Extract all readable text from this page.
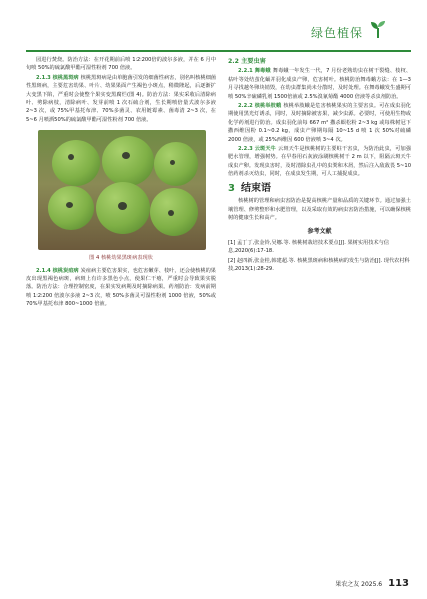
绿色植保

园进行焚烧。防治方法：在开花期前后喷 1∶2∶200倍的波尔多液，并在 6 月中旬喷 50%的硫氯酸甲酯可湿性粉剂 700 倍液。

2.1.3 核桃黑斑病 核桃黑斑病是由单胞菌引发的细菌性病害，别名叫核桃细菌性黑斑病，主要危害幼果、叶片、幼果果面产生褐色小斑点，稍微隆起，后逐渐扩大变黑下陷，严重时会使整个果实变黑腐烂(图 4)。防治方法：果实采收后清除病叶、剪除病枝，清除病叶、发芽前喷 1 次石硫合剂，生长期喷倍量式波尔多液 2~3 次，或 75%甲基托布津、70%多菌灵、农用链霉素、菌毒清 2~3 次，在 5~6 月喷洒50%的硫氯酸甲酯可湿性粉剂 700 倍液。

图 4 核桃幼果黑斑病表现状

2.1.4 核桃炭疽病 炭疽病主要危害果实，也危害嫩芽、枝叶，还会使核桃的果皮出现黑褐色病斑，病斑上有许多黑色小点，使果仁干瘪，严重时会导致果实脱落。防治方法：合理控制密度，在果实发病期及时摘除病果。药剂防治：发病前期喷 1∶2∶200 倍波尔多液 2~3 次，喷 50%多菌灵可湿性粉剂 1000 倍液，50%或 70%甲基托布津 800~1000 倍液。

2.2 主要虫害

2.2.1 舞毒蛾 舞毒蛾一年发生一代，7 月份老熟幼虫在树干裂缝、枝杈、枯叶等处结茧化蛹并羽化成虫产卵，危害树叶。核桃防治舞毒蛾方法：在 1—3 月寻找越冬卵块销毁，在幼虫群集尚未分散时，及时处理。在舞毒蛾发生盛期可喷 50%辛硫磷乳剂 1500倍液或 2.5%溴氰菊酯 4000 倍液等杀虫剂防治。

2.2.2 核桃举肢蛾 核桃举肢蛾是危害核桃果实的主要害虫。可在成虫羽化期使用黑光灯诱杀，同时，及时摘除被害果，减少虫源。必要时，可使用生物或化学药剂进行防治。成虫羽化前每 667 m² 撒杀螟松粉 2~3 kg 或每株树冠下撒西维因粉 0.1~0.2 kg，成虫产卵期每隔 10~15 d 喷 1 次 50%对硫磷 2000 倍液，或 25%西维因 600 倍液喷 3~4 次。

2.2.3 云斑天牛 云斑天牛是核桃树的主要蛀干害虫，为防治此虫，可加强肥水管理，增强树势。在早春用石灰液涂刷核桃树干 2 m 以下，阻隔云斑天牛成虫产卵。发现虫害时，及时清除虫孔中的虫粪和木屑，然后注入敌敌畏 5~10 倍药剂杀灭幼虫，同时，在成虫发生期，可人工捕捉成虫。

3 结束语

核桃树的管理和病虫害防治是提高核桃产量和品质的关键环节。通过加强土壤管理、修剪整形和水肥管理，以及采取有效的病虫害防治措施，可以确保核桃树的健康生长和高产。

参考文献

[1] 孟丁丁,张金铃,吴娜.等. 核桃树栽培技术要点[J]. 果树实用技术与信息,2020(6):17-18.

[2] 赵四新,张金桂,韩建超.等. 核桃黑斑病和核桃病的发生与防治[J]. 现代农村科技,2013(1):28-29.

果农之友 2025.6 113
